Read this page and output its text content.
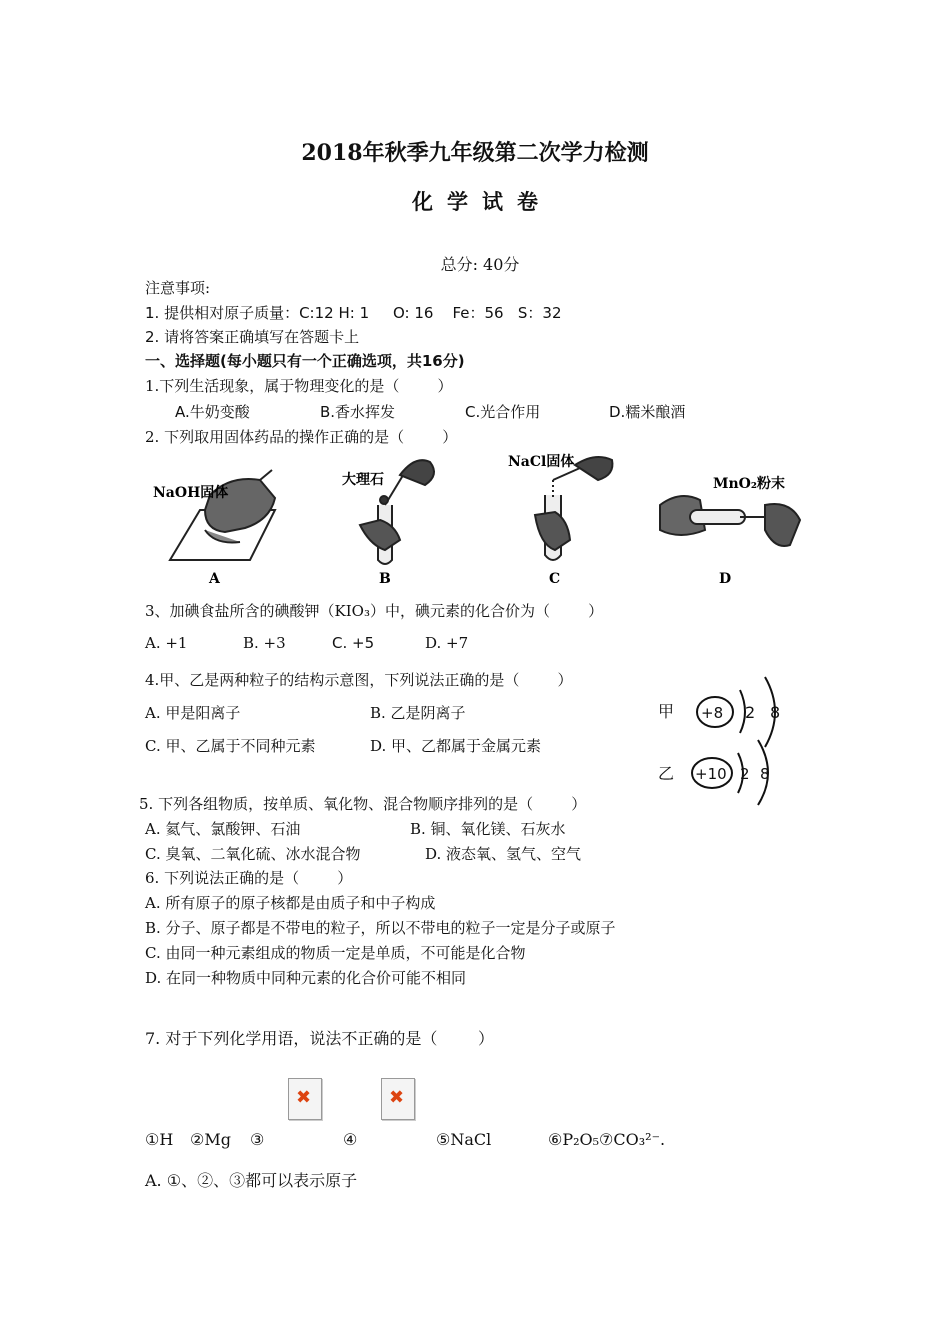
2018年秋季九年级第二次学力检测
化学试卷
总分: 40分
注意事项:
1. 提供相对原子质量：C:12 H: 1     O: 16    Fe：56   S：32
2. 请将答案正确填写在答题卡上
一、选择题(每小题只有一个正确选项，共16分)
1.下列生活现象，属于物理变化的是（        ）
A.牛奶变酸	B.香水挥发	C.光合作用	D.糯米酿酒
2. 下列取用固体药品的操作正确的是（        ）
NaOH固体
A
大理石
B
NaCl固体
C
MnO₂粉末
D
3、加碘食盐所含的碘酸钾（KIO₃）中，碘元素的化合价为（        ）
A. +1	B. +3	C. +5	D. +7
4.甲、乙是两种粒子的结构示意图，下列说法正确的是（        ）
A. 甲是阳离子	B. 乙是阴离子
C. 甲、乙属于不同种元素	D. 甲、乙都属于金属元素
甲 +8 2 8
乙 +10 2 8
5. 下列各组物质，按单质、氧化物、混合物顺序排列的是（        ）
A. 氦气、氯酸钾、石油	B. 铜、氧化镁、石灰水
C. 臭氧、二氧化硫、冰水混合物	D. 液态氧、氢气、空气
6. 下列说法正确的是（        ）
A. 所有原子的原子核都是由质子和中子构成
B. 分子、原子都是不带电的粒子，所以不带电的粒子一定是分子或原子
C. 由同一种元素组成的物质一定是单质，不可能是化合物
D. 在同一种物质中同种元素的化合价可能不相同
7. 对于下列化学用语，说法不正确的是（        ）
✖	✖
①H ②Mg ③	④	⑤NaCl	⑥P₂O₅⑦CO₃²⁻.
A. ①、②、③都可以表示原子
